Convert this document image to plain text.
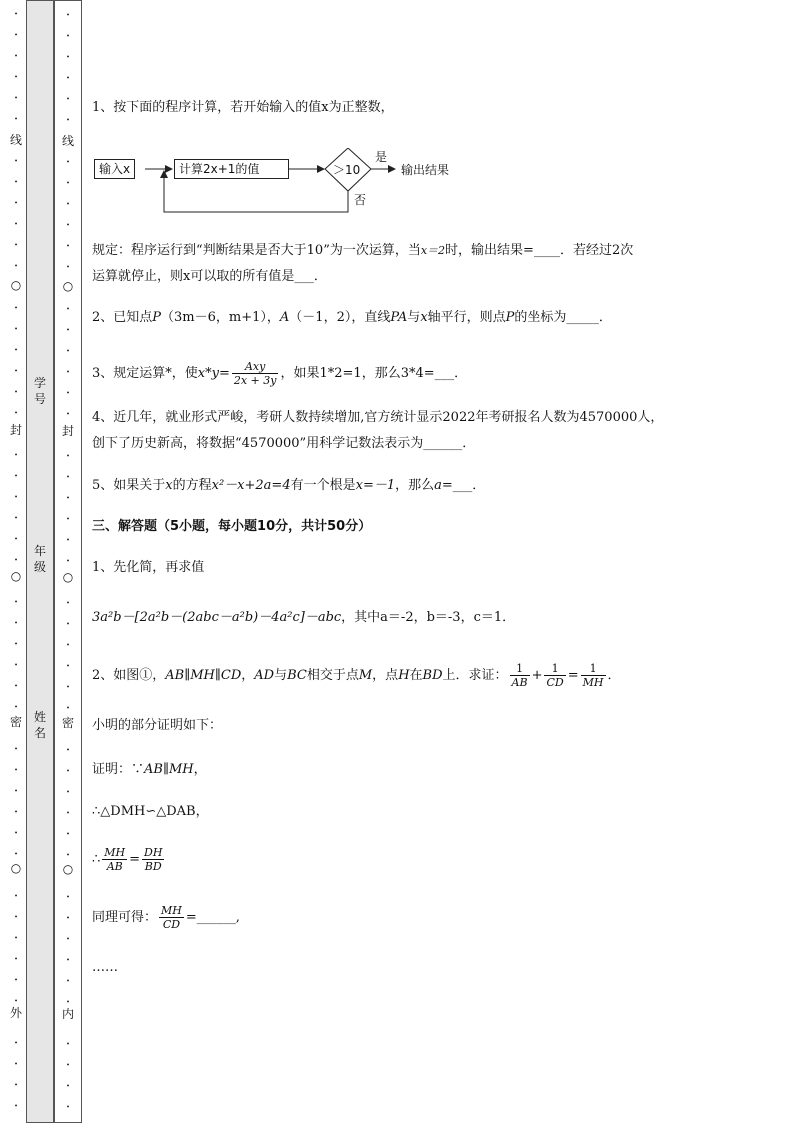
•
•
•
•
•
•
•
•
•
•
•
•
•
•
•
•
•
•
•
•
•
•
•
•
•
•
•
•
•
•
•
•
•
•
•
•
•
•
•
•
•
•
•
•
•
•
线
○
封
○
密
○
外
学号
年级
姓名
•
•
•
•
•
•
•
•
•
•
•
•
•
•
•
•
•
•
•
•
•
•
•
•
•
•
•
•
•
•
•
•
•
•
•
•
•
•
•
•
•
•
•
•
•
•
线
○
封
○
密
○
内
1、按下面的程序计算，若开始输入的值x为正整数，
输入x	计算2x+1的值	＞10
是
输出结果
否
规定：程序运行到“判断结果是否大于10”为一次运算，当x＝2时，输出结果=____．若经过2次
运算就停止，则x可以取的所有值是___．
2、已知点P（3m－6，m+1），A（－1，2），直线PA与x轴平行，则点P的坐标为_____．
3、规定运算*，使$x*y= \frac{\text{Axy}}{2x + 3y}$ ，如果1*2=1，那么3*4=___．
4、近几年，就业形式严峻，考研人数持续增加,官方统计显示2022年考研报名人数为4570000人，
创下了历史新高，将数据“4570000”用科学记数法表示为______．
5、如果关于x的方程x²－x+2a=4有一个根是x=－1，那么a=___．
三、解答题（5小题，每小题10分，共计50分）
1、先化简，再求值
3a²b－[2a²b－(2abc－a²b)－4a²c]－abc，其中a＝-2，b＝-3，c＝1．
2、如图①，AB∥MH∥CD，AD与BC相交于点M，点H在BD上．求证： $\frac{1}{AB} + \frac{1}{CD} = \frac{1}{MH}$ ．
小明的部分证明如下：
证明：∵AB∥MH，
∴△DMH∽△DAB，
∴ $\frac{MH}{AB} = \frac{DH}{BD}$
同理可得： $\frac{MH}{CD}$ =______,
……
